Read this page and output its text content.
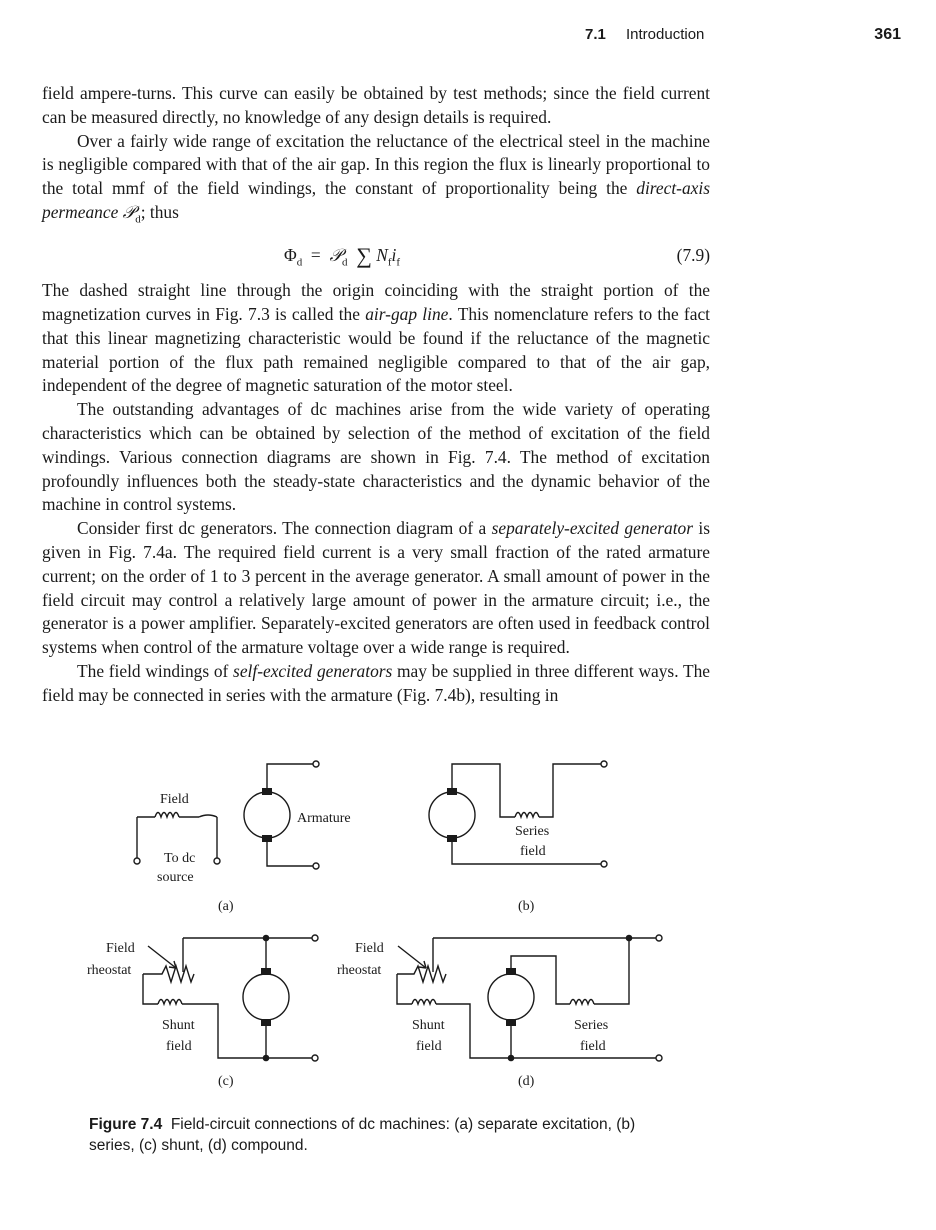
7.1 Introduction	361

field ampere-turns. This curve can easily be obtained by test methods; since the field current can be measured directly, no knowledge of any design details is required.

Over a fairly wide range of excitation the reluctance of the electrical steel in the machine is negligible compared with that of the air gap. In this region the flux is linearly proportional to the total mmf of the field windings, the constant of proportionality being the direct-axis permeance 𝒫$_d$; thus

$\Phi_d$ = 𝒫$_d$ ∑ $N_fi_f$	(7.9)

The dashed straight line through the origin coinciding with the straight portion of the magnetization curves in Fig. 7.3 is called the air-gap line. This nomenclature refers to the fact that this linear magnetizing characteristic would be found if the reluctance of the magnetic material portion of the flux path remained negligible compared to that of the air gap, independent of the degree of magnetic saturation of the motor steel.

The outstanding advantages of dc machines arise from the wide variety of operating characteristics which can be obtained by selection of the method of excitation of the field windings. Various connection diagrams are shown in Fig. 7.4. The method of excitation profoundly influences both the steady-state characteristics and the dynamic behavior of the machine in control systems.

Consider first dc generators. The connection diagram of a separately-excited generator is given in Fig. 7.4a. The required field current is a very small fraction of the rated armature current; on the order of 1 to 3 percent in the average generator. A small amount of power in the field circuit may control a relatively large amount of power in the armature circuit; i.e., the generator is a power amplifier. Separately-excited generators are often used in feedback control systems when control of the armature voltage over a wide range is required.

The field windings of self-excited generators may be supplied in three different ways. The field may be connected in series with the armature (Fig. 7.4b), resulting in

Field
To dc
source
Armature
(a)
Series
field
(b)
Field
rheostat
Shunt
field
(c)
Field
rheostat
Shunt
field
Series
field
(d)
Figure 7.4 Field-circuit connections of dc machines: (a) separate excitation, (b) series, (c) shunt, (d) compound.
